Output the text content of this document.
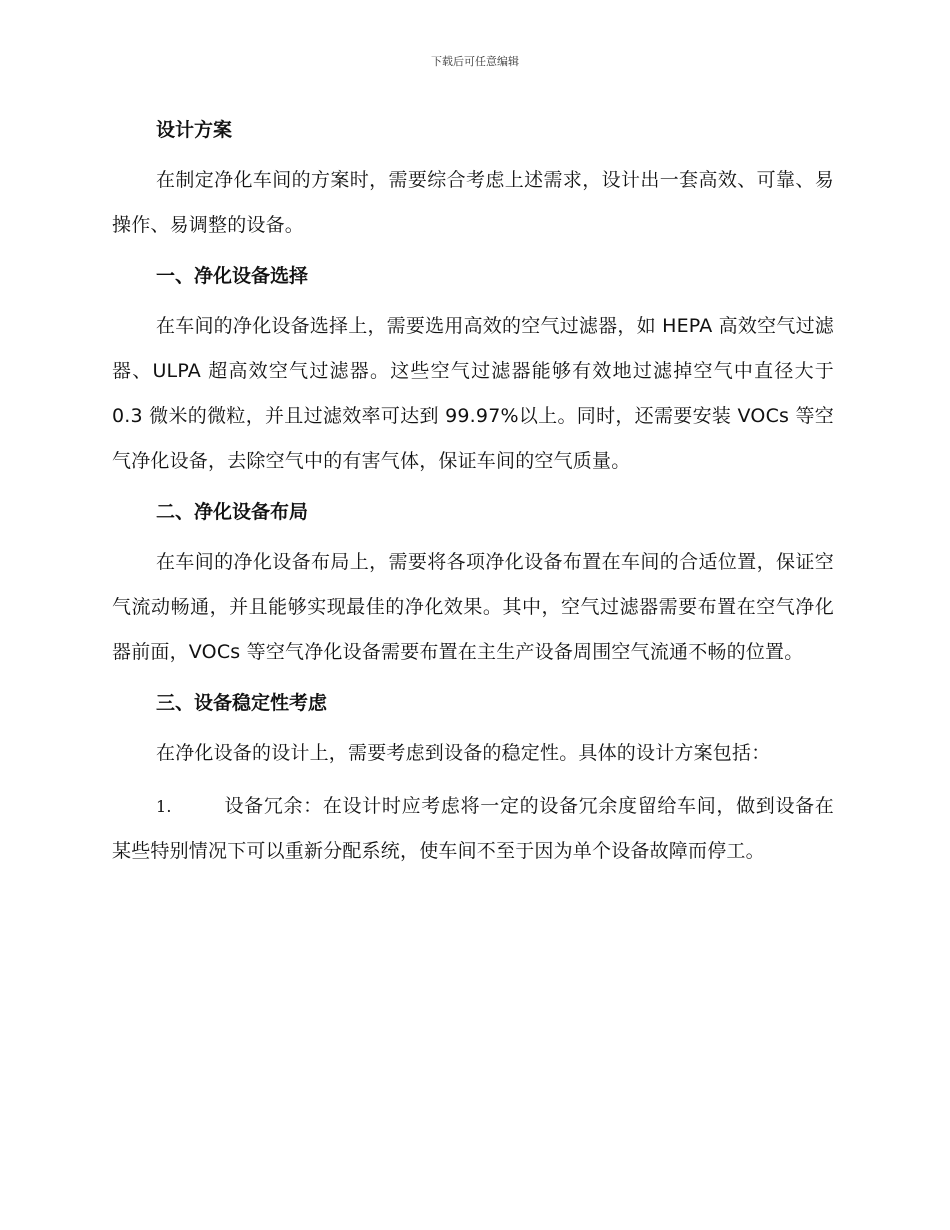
下载后可任意编辑
设计方案

在制定净化车间的方案时，需要综合考虑上述需求，设计出一套高效、可靠、易操作、易调整的设备。

一、净化设备选择

在车间的净化设备选择上，需要选用高效的空气过滤器，如 HEPA 高效空气过滤器、ULPA 超高效空气过滤器。这些空气过滤器能够有效地过滤掉空气中直径大于 0.3 微米的微粒，并且过滤效率可达到 99.97%以上。同时，还需要安装 VOCs 等空气净化设备，去除空气中的有害气体，保证车间的空气质量。

二、净化设备布局

在车间的净化设备布局上，需要将各项净化设备布置在车间的合适位置，保证空气流动畅通，并且能够实现最佳的净化效果。其中，空气过滤器需要布置在空气净化器前面，VOCs 等空气净化设备需要布置在主生产设备周围空气流通不畅的位置。

三、设备稳定性考虑

在净化设备的设计上，需要考虑到设备的稳定性。具体的设计方案包括：

1.	设备冗余：在设计时应考虑将一定的设备冗余度留给车间，做到设备在某些特别情况下可以重新分配系统，使车间不至于因为单个设备故障而停工。
